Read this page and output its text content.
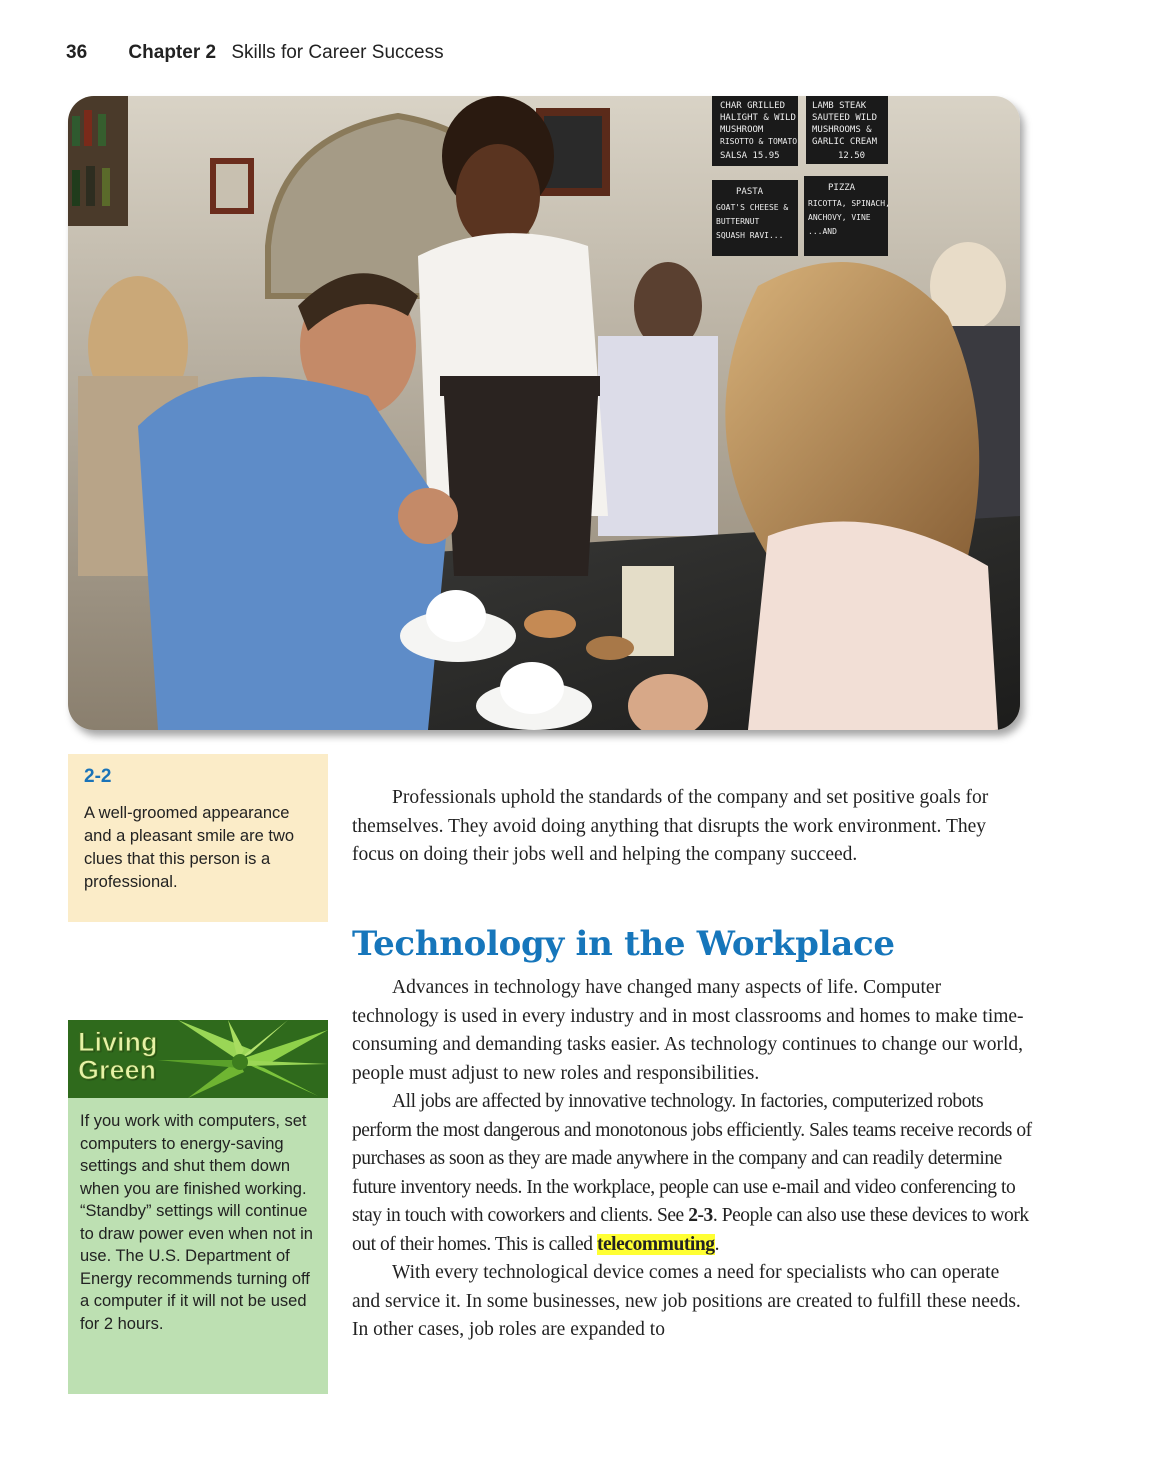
36 Chapter 2 Skills for Career Success
CHAR GRILLED
HALIGHT & WILD
MUSHROOM
RISOTTO & TOMATO
SALSA 15.95
LAMB STEAK
SAUTEED WILD
MUSHROOMS &
GARLIC CREAM
12.50
PASTA
GOAT'S CHEESE &
BUTTERNUT
SQUASH RAVI...
PIZZA
RICOTTA, SPINACH,
ANCHOVY, VINE
...AND
2-2
A well-groomed appearance and a pleasant smile are two clues that this person is a professional.
Living
Green
If you work with computers, set computers to energy-saving settings and shut them down when you are finished working. “Standby” settings will continue to draw power even when not in use. The U.S. Department of Energy recommends turning off a computer if it will not be used for 2 hours.

Professionals uphold the standards of the company and set positive goals for themselves. They avoid doing anything that disrupts the work environment. They focus on doing their jobs well and helping the company succeed.

Technology in the Workplace

Advances in technology have changed many aspects of life. Computer technology is used in every industry and in most classrooms and homes to make time-consuming and demanding tasks easier. As technology continues to change our world, people must adjust to new roles and responsibilities.

All jobs are affected by innovative technology. In factories, computerized robots perform the most dangerous and monotonous jobs efficiently. Sales teams receive records of purchases as soon as they are made anywhere in the company and can readily determine future inventory needs. In the workplace, people can use e-mail and video conferencing to stay in touch with coworkers and clients. See 2-3. People can also use these devices to work out of their homes. This is called telecommuting.

With every technological device comes a need for specialists who can operate and service it. In some businesses, new job positions are created to fulfill these needs. In other cases, job roles are expanded to
